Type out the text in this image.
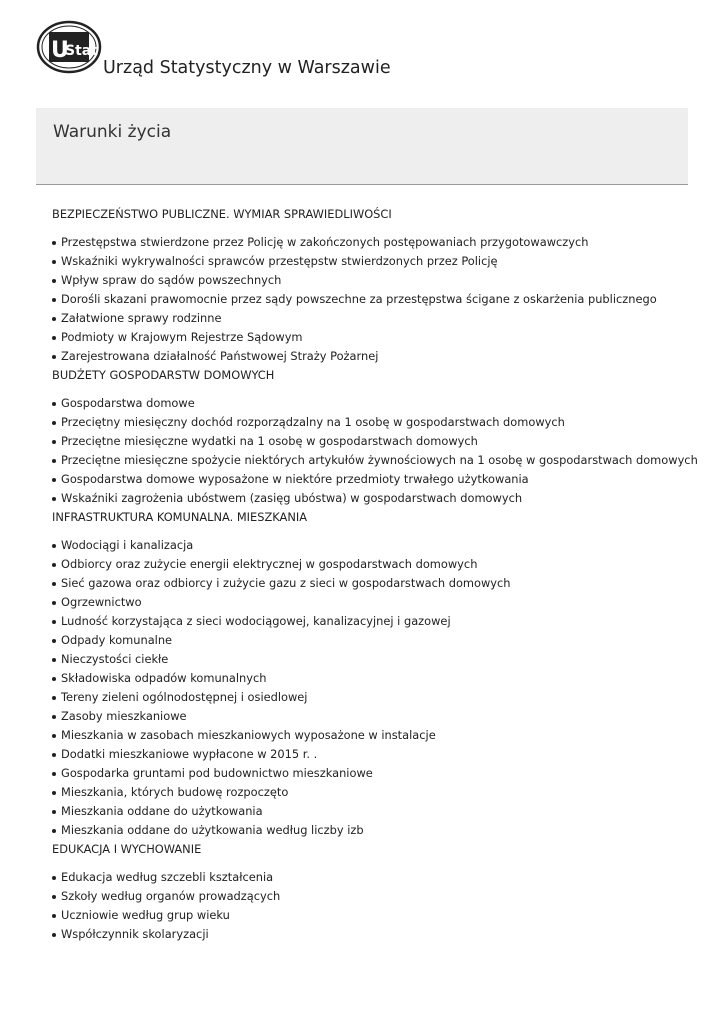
U
Stat
Urząd Statystyczny w Warszawie
Warunki życia
BEZPIECZEŃSTWO PUBLICZNE. WYMIAR SPRAWIEDLIWOŚCI
Przestępstwa stwierdzone przez Policję w zakończonych postępowaniach przygotowawczych
Wskaźniki wykrywalności sprawców przestępstw stwierdzonych przez Policję
Wpływ spraw do sądów powszechnych
Dorośli skazani prawomocnie przez sądy powszechne za przestępstwa ścigane z oskarżenia publicznego
Załatwione sprawy rodzinne
Podmioty w Krajowym Rejestrze Sądowym
Zarejestrowana działalność Państwowej Straży Pożarnej
BUDŻETY GOSPODARSTW DOMOWYCH
Gospodarstwa domowe
Przeciętny miesięczny dochód rozporządzalny na 1 osobę w gospodarstwach domowych
Przeciętne miesięczne wydatki na 1 osobę w gospodarstwach domowych
Przeciętne miesięczne spożycie niektórych artykułów żywnościowych na 1 osobę w gospodarstwach domowych
Gospodarstwa domowe wyposażone w niektóre przedmioty trwałego użytkowania
Wskaźniki zagrożenia ubóstwem (zasięg ubóstwa) w gospodarstwach domowych
INFRASTRUKTURA KOMUNALNA. MIESZKANIA
Wodociągi i kanalizacja
Odbiorcy oraz zużycie energii elektrycznej w gospodarstwach domowych
Sieć gazowa oraz odbiorcy i zużycie gazu z sieci w gospodarstwach domowych
Ogrzewnictwo
Ludność korzystająca z sieci wodociągowej, kanalizacyjnej i gazowej
Odpady komunalne
Nieczystości ciekłe
Składowiska odpadów komunalnych
Tereny zieleni ogólnodostępnej i osiedlowej
Zasoby mieszkaniowe
Mieszkania w zasobach mieszkaniowych wyposażone w instalacje
Dodatki mieszkaniowe wypłacone w 2015 r. .
Gospodarka gruntami pod budownictwo mieszkaniowe
Mieszkania, których budowę rozpoczęto
Mieszkania oddane do użytkowania
Mieszkania oddane do użytkowania według liczby izb
EDUKACJA I WYCHOWANIE
Edukacja według szczebli kształcenia
Szkoły według organów prowadzących
Uczniowie według grup wieku
Współczynnik skolaryzacji
